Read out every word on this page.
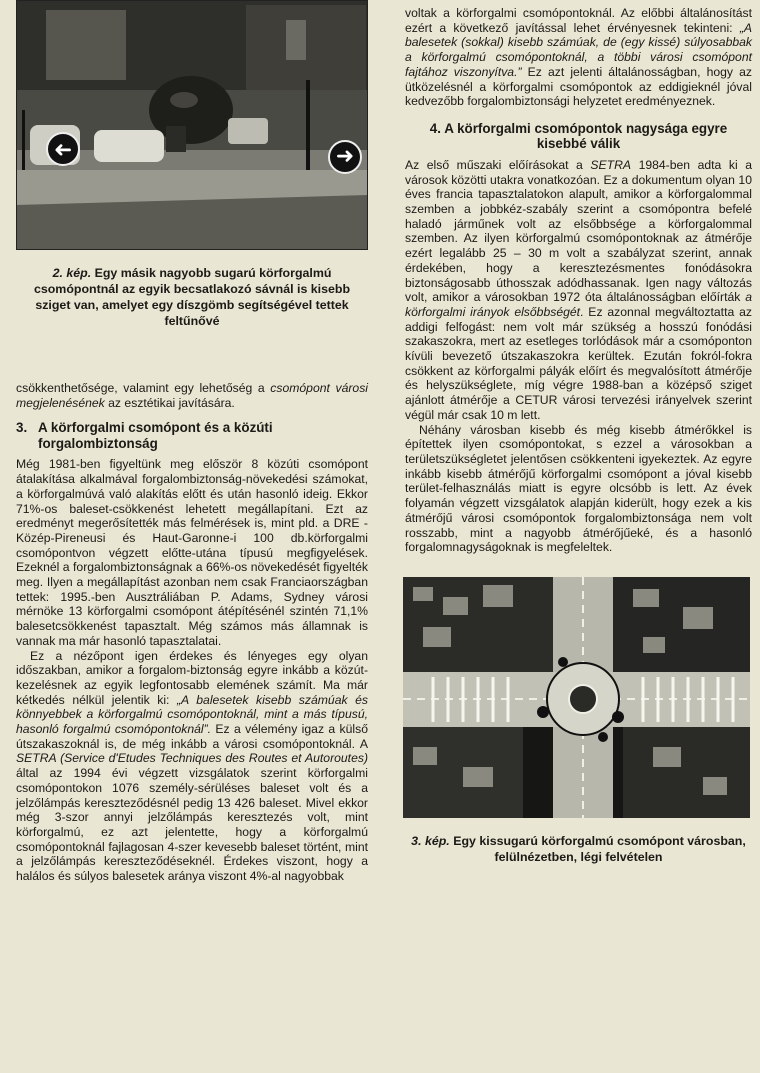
➜	➜
2. kép. Egy másik nagyobb sugarú körforgalmú csomópontnál az egyik becsatlakozó sávnál is kisebb sziget van, amelyet egy díszgömb segítségével tettek feltűnővé

csökkenthetősége, valamint egy lehetőség a csomópont városi megjelenésének az esztétikai javítására.

3. A körforgalmi csomópont és a közúti
forgalombiztonság

Még 1981-ben figyeltünk meg először 8 közúti csomópont átalakítása alkalmával forgalombiztonság-növekedési számokat, a körforgalmúvá való alakítás előtt és után hasonló ideig. Ekkor 71%-os baleset-csökkenést lehetett megállapítani. Ezt az eredményt megerősítették más felmérések is, mint pld. a DRE - Közép-Pireneusi és Haut-Garonne-i 100 db.körforgalmi csomópontvon végzett előtte-utána típusú megfigyelések. Ezeknél a forgalombiztonságnak a 66%-os növekedését figyelték meg. Ilyen a megállapítást azonban nem csak Franciaországban tettek: 1995.-ben Ausztráliában P. Adams, Sydney városi mérnöke 13 körforgalmi csomópont átépítésénél szintén 71,1% balesetcsökkenést tapasztalt. Még számos más államnak is vannak ma már hasonló tapasztalatai.

Ez a nézőpont igen érdekes és lényeges egy olyan időszakban, amikor a forgalom-biztonság egyre inkább a közút-kezelésnek az egyik legfontosabb elemének számít. Ma már kétkedés nélkül jelentik ki: „A balesetek kisebb számúak és könnyebbek a körforgalmú csomópontoknál, mint a más típusú, hasonló forgalmú csomópontoknál”. Ez a vélemény igaz a külső útszakaszoknál is, de még inkább a városi csomópontoknál. A SETRA (Service d'Etudes Techniques des Routes et Autoroutes) által az 1994 évi végzett vizsgálatok szerint körforgalmi csomópontokon 1076 személy-sérüléses baleset volt és a jelzőlámpás kereszteződésnél pedig 13 426 baleset. Mivel ekkor még 3-szor annyi jelzőlámpás keresztezés volt, mint körforgalmú, ez azt jelentette, hogy a körforgalmú csomópontoknál fajlagosan 4-szer kevesebb baleset történt, mint a jelzőlámpás kereszteződéseknél. Érdekes viszont, hogy a halálos és súlyos balesetek aránya viszont 4%-al nagyobbak

voltak a körforgalmi csomópontoknál. Az előbbi általánosítást ezért a következő javítással lehet érvényesnek tekinteni: „A balesetek (sokkal) kisebb számúak, de (egy kissé) súlyosabbak a körforgalmú csomópontoknál, a többi városi csomópont fajtához viszonyítva.” Ez azt jelenti általánosságban, hogy az ütközelésnél a körforgalmi csomópontok az eddigieknél jóval kedvezőbb forgalombiztonsági helyzetet eredményeznek.

4. A körforgalmi csomópontok nagysága egyre
kisebbé válik

Az első műszaki előírásokat a SETRA 1984-ben adta ki a városok közötti utakra vonatkozóan. Ez a dokumentum olyan 10 éves francia tapasztalatokon alapult, amikor a körforgalommal szemben a jobbkéz-szabály szerint a csomópontra befelé haladó járműnek volt az elsőbbsége a körforgalommal szemben. Az ilyen körforgalmú csomópontoknak az átmérője ezért legalább 25 – 30 m volt a szabályzat szerint, annak érdekében, hogy a keresztezésmentes fonódásokra biztonságosabb úthosszak adódhassanak. Igen nagy változás volt, amikor a városokban 1972 óta általánosságban előírták a körforgalmi irányok elsőbbségét. Ez azonnal megváltoztatta az addigi felfogást: nem volt már szükség a hosszú fonódási szakaszokra, mert az esetleges torlódások már a csomóponton kívüli bevezető útszakaszokra kerültek. Ezután fokról-fokra csökkent az körforgalmi pályák előírt és megvalósított átmérője és helyszükséglete, míg végre 1988-ban a középső sziget ajánlott átmérője a CETUR városi tervezési irányelvek szerint végül már csak 10 m lett.

Néhány városban kisebb és még kisebb átmérőkkel is építettek ilyen csomópontokat, s ezzel a városokban a területszükségletet jelentősen csökkenteni igyekeztek. Az egyre inkább kisebb átmérőjű körforgalmi csomópont a jóval kisebb terület-felhasználás miatt is egyre olcsóbb is lett. Az évek folyamán végzett vizsgálatok alapján kiderült, hogy ezek a kis átmérőjű városi csomópontok forgalombiztonsága nem volt rosszabb, mint a nagyobb átmérőjűeké, és a hasonló forgalomnagyságoknak is megfeleltek.

3. kép. Egy kissugarú körforgalmú csomópont városban, felülnézetben, légi felvételen
